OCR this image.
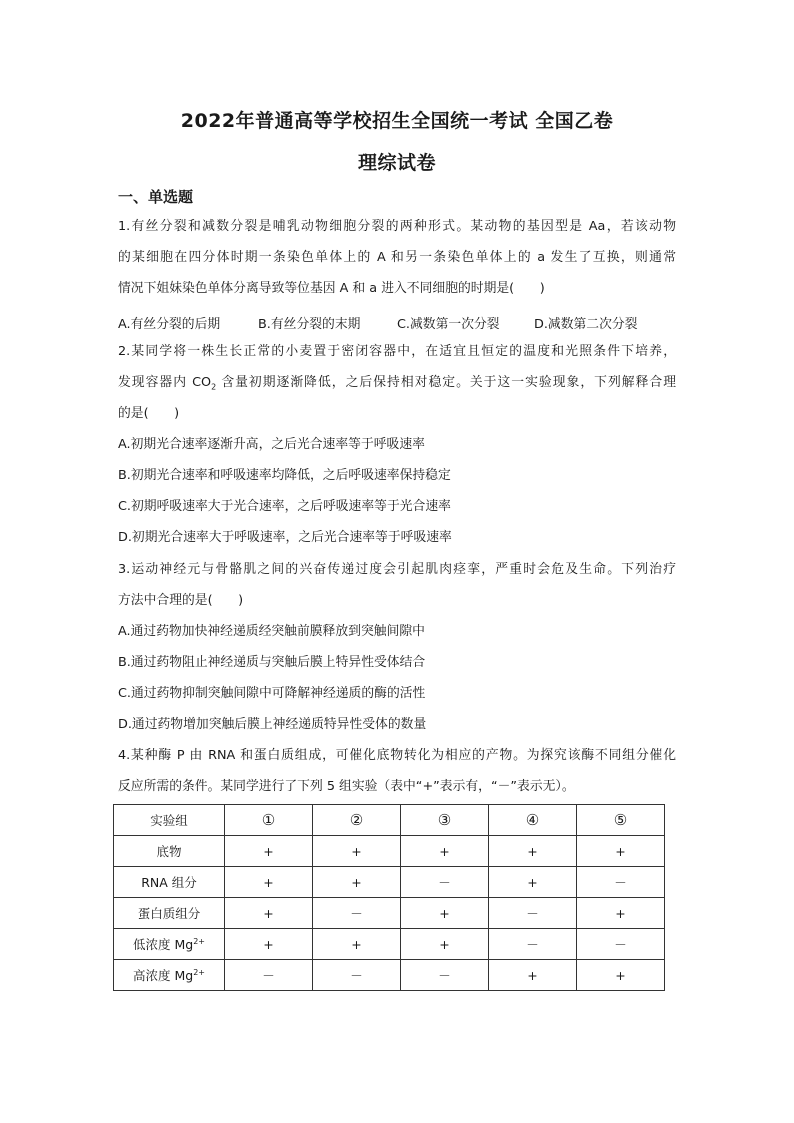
2022年普通高等学校招生全国统一考试 全国乙卷
理综试卷
一、单选题
1.有丝分裂和减数分裂是哺乳动物细胞分裂的两种形式。某动物的基因型是 Aa，若该动物
的某细胞在四分体时期一条染色单体上的 A 和另一条染色单体上的 a 发生了互换，则通常
情况下姐妹染色单体分离导致等位基因 A 和 a 进入不同细胞的时期是(　　)
A.有丝分裂的后期	B.有丝分裂的末期	C.减数第一次分裂	D.减数第二次分裂
2.某同学将一株生长正常的小麦置于密闭容器中，在适宜且恒定的温度和光照条件下培养，
发现容器内 $CO_2$ 含量初期逐渐降低，之后保持相对稳定。关于这一实验现象，下列解释合理
的是(　　)
A.初期光合速率逐渐升高，之后光合速率等于呼吸速率
B.初期光合速率和呼吸速率均降低，之后呼吸速率保持稳定
C.初期呼吸速率大于光合速率，之后呼吸速率等于光合速率
D.初期光合速率大于呼吸速率，之后光合速率等于呼吸速率
3.运动神经元与骨骼肌之间的兴奋传递过度会引起肌肉痉挛，严重时会危及生命。下列治疗
方法中合理的是(　　)
A.通过药物加快神经递质经突触前膜释放到突触间隙中
B.通过药物阻止神经递质与突触后膜上特异性受体结合
C.通过药物抑制突触间隙中可降解神经递质的酶的活性
D.通过药物增加突触后膜上神经递质特异性受体的数量
4.某种酶 P 由 RNA 和蛋白质组成，可催化底物转化为相应的产物。为探究该酶不同组分催化
反应所需的条件。某同学进行了下列 5 组实验（表中“+”表示有，“－”表示无）。
实验组	①	②	③	④	⑤
底物	+	+	+	+	+
RNA 组分	+	+	－	+	－
蛋白质组分	+	－	+	－	+
低浓度 $Mg^{2+}$	+	+	+	－	－
高浓度 $Mg^{2+}$	－	－	－	+	+
